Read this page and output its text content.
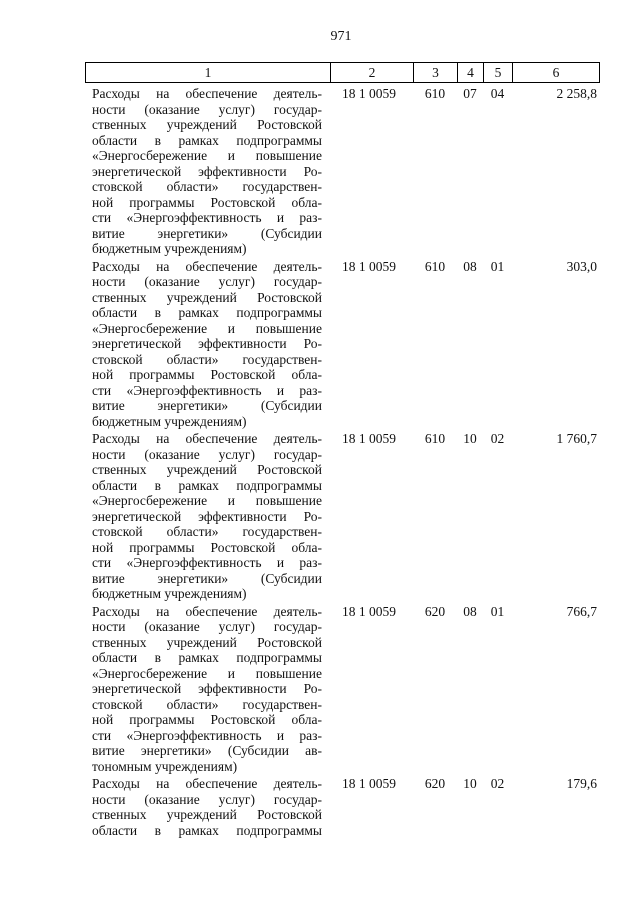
971
1	2	3	4	5	6
Расходы на обеспечение деятель-
ности (оказание услуг) государ-
ственных учреждений Ростовской
области в рамках подпрограммы
«Энергосбережение и повышение
энергетической эффективности Ро-
стовской области» государствен-
ной программы Ростовской обла-
сти «Энергоэффективность и раз-
витие энергетики» (Субсидии
бюджетным учреждениям)
18 1 0059	610	07	04	2 258,8
Расходы на обеспечение деятель-
ности (оказание услуг) государ-
ственных учреждений Ростовской
области в рамках подпрограммы
«Энергосбережение и повышение
энергетической эффективности Ро-
стовской области» государствен-
ной программы Ростовской обла-
сти «Энергоэффективность и раз-
витие энергетики» (Субсидии
бюджетным учреждениям)
18 1 0059	610	08	01	303,0
Расходы на обеспечение деятель-
ности (оказание услуг) государ-
ственных учреждений Ростовской
области в рамках подпрограммы
«Энергосбережение и повышение
энергетической эффективности Ро-
стовской области» государствен-
ной программы Ростовской обла-
сти «Энергоэффективность и раз-
витие энергетики» (Субсидии
бюджетным учреждениям)
18 1 0059	610	10	02	1 760,7
Расходы на обеспечение деятель-
ности (оказание услуг) государ-
ственных учреждений Ростовской
области в рамках подпрограммы
«Энергосбережение и повышение
энергетической эффективности Ро-
стовской области» государствен-
ной программы Ростовской обла-
сти «Энергоэффективность и раз-
витие энергетики» (Субсидии ав-
тономным учреждениям)
18 1 0059	620	08	01	766,7
Расходы на обеспечение деятель-
ности (оказание услуг) государ-
ственных учреждений Ростовской
области в рамках подпрограммы
18 1 0059	620	10	02	179,6
